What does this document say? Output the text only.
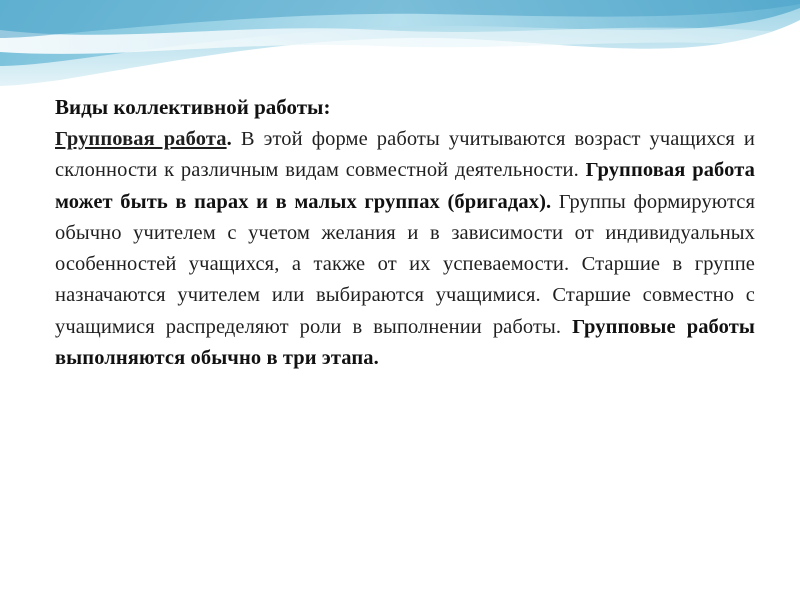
Виды коллективной работы:

Групповая работа. В этой форме работы учитываются возраст учащихся и склонности к различным видам совместной деятельности. Групповая работа может быть в парах и в малых группах (бригадах). Группы формируются обычно учителем с учетом желания и в зависимости от индивидуальных особенностей учащихся, а также от их успеваемости. Старшие в группе назначаются учителем или выбираются учащимися. Старшие совместно с учащимися распределяют роли в выполнении работы. Групповые работы выполняются обычно в три этапа.
